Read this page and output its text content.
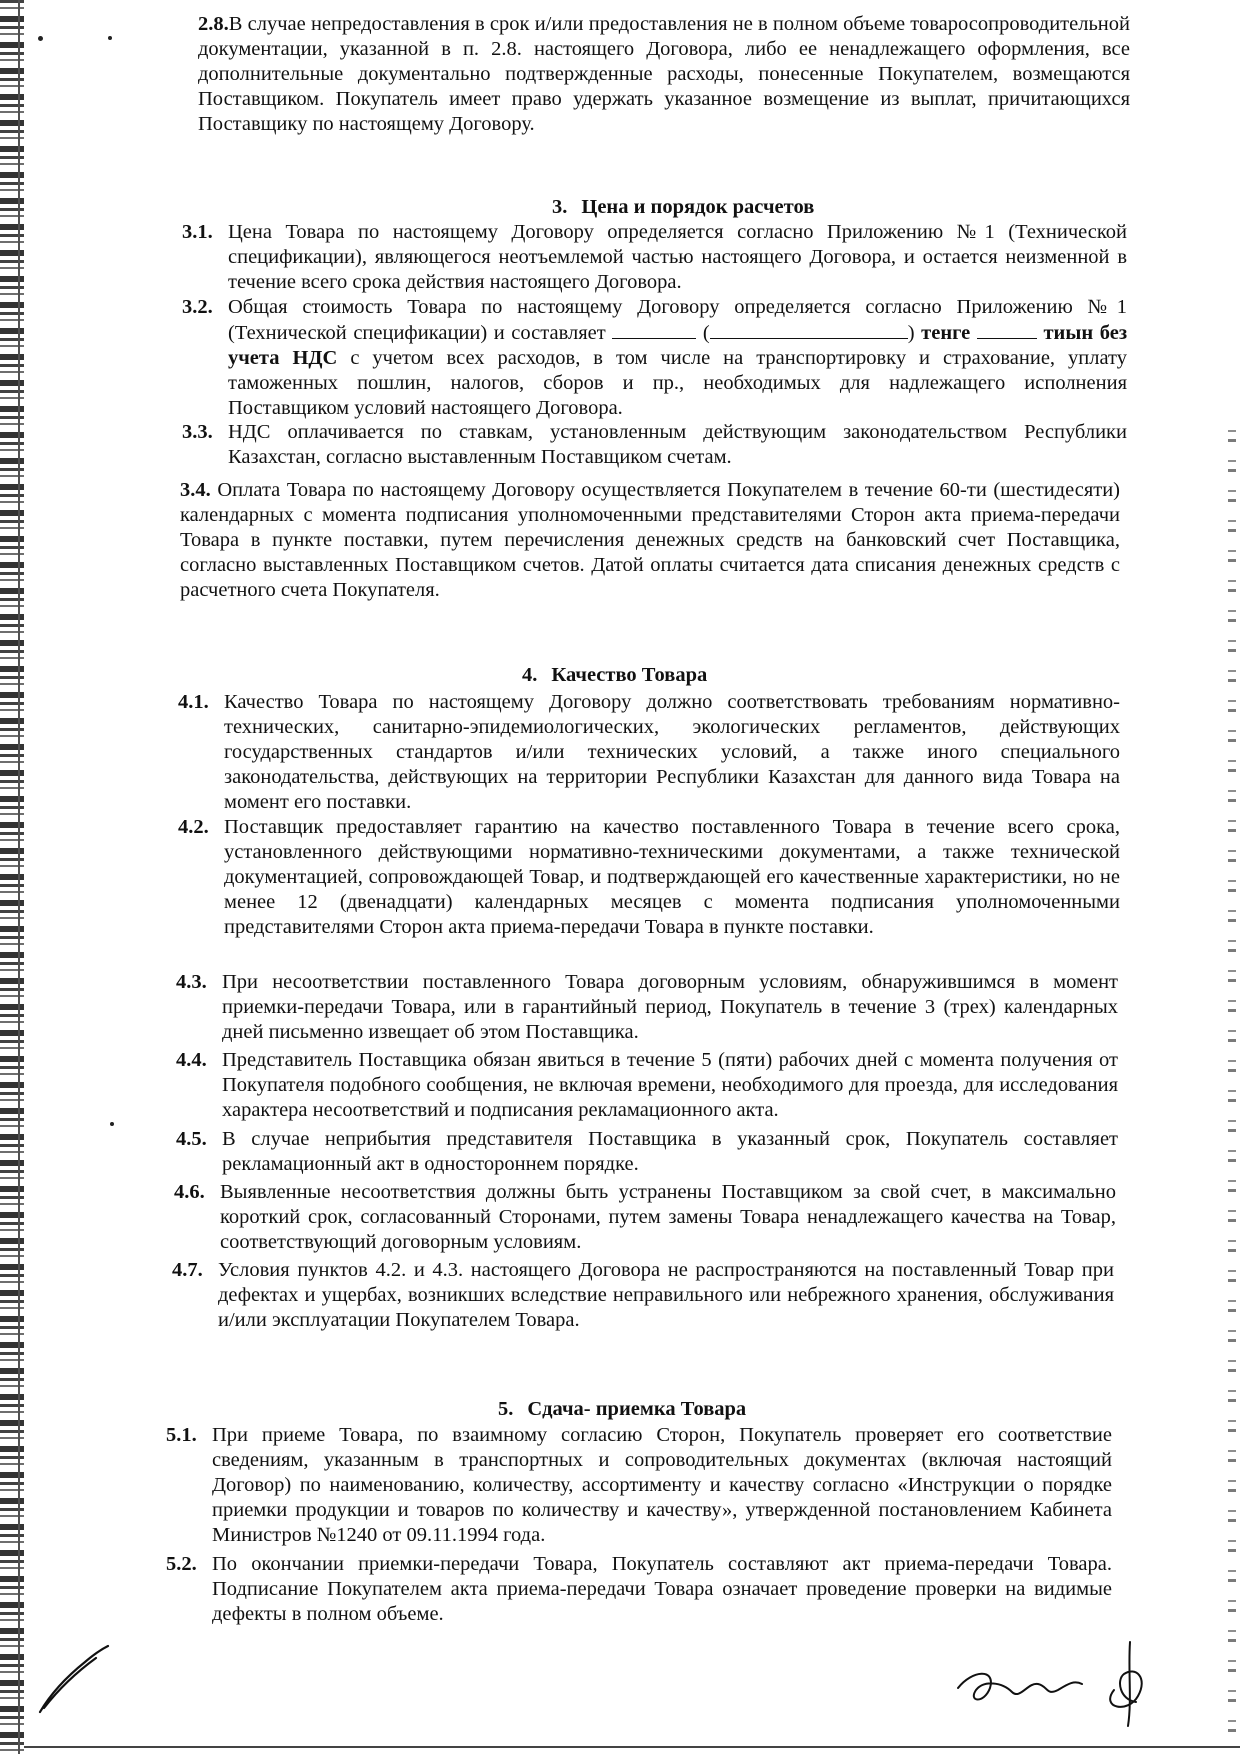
2.8.В случае непредоставления в срок и/или предоставления не в полном объеме товаросопроводительной документации, указанной в п. 2.8. настоящего Договора, либо ее ненадлежащего оформления, все дополнительные документально подтвержденные расходы, понесенные Покупателем, возмещаются Поставщиком. Покупатель имеет право удержать указанное возмещение из выплат, причитающихся Поставщику по настоящему Договору.
3. Цена и порядок расчетов
3.1. Цена Товара по настоящему Договору определяется согласно Приложению №1 (Технической спецификации), являющегося неотъемлемой частью настоящего Договора, и остается неизменной в течение всего срока действия настоящего Договора.
3.2. Общая стоимость Товара по настоящему Договору определяется согласно Приложению №1 (Технической спецификации) и составляет	(	) тенге	тиын без учета НДС с учетом всех расходов, в том числе на транспортировку и страхование, уплату таможенных пошлин, налогов, сборов и пр., необходимых для надлежащего исполнения Поставщиком условий настоящего Договора.
3.3. НДС оплачивается по ставкам, установленным действующим законодательством Республики Казахстан, согласно выставленным Поставщиком счетам.
3.4. Оплата Товара по настоящему Договору осуществляется Покупателем в течение 60-ти (шестидесяти) календарных с момента подписания уполномоченными представителями Сторон акта приема-передачи Товара в пункте поставки, путем перечисления денежных средств на банковский счет Поставщика, согласно выставленных Поставщиком счетов. Датой оплаты считается дата списания денежных средств с расчетного счета Покупателя.
4. Качество Товара
4.1. Качество Товара по настоящему Договору должно соответствовать требованиям нормативно-технических, санитарно-эпидемиологических, экологических регламентов, действующих государственных стандартов и/или технических условий, а также иного специального законодательства, действующих на территории Республики Казахстан для данного вида Товара на момент его поставки.
4.2. Поставщик предоставляет гарантию на качество поставленного Товара в течение всего срока, установленного действующими нормативно-техническими документами, а также технической документацией, сопровождающей Товар, и подтверждающей его качественные характеристики, но не менее 12 (двенадцати) календарных месяцев с момента подписания уполномоченными представителями Сторон акта приема-передачи Товара в пункте поставки.
4.3. При несоответствии поставленного Товара договорным условиям, обнаружившимся в момент приемки-передачи Товара, или в гарантийный период, Покупатель в течение 3 (трех) календарных дней письменно извещает об этом Поставщика.
4.4. Представитель Поставщика обязан явиться в течение 5 (пяти) рабочих дней с момента получения от Покупателя подобного сообщения, не включая времени, необходимого для проезда, для исследования характера несоответствий и подписания рекламационного акта.
4.5. В случае неприбытия представителя Поставщика в указанный срок, Покупатель составляет рекламационный акт в одностороннем порядке.
4.6. Выявленные несоответствия должны быть устранены Поставщиком за свой счет, в максимально короткий срок, согласованный Сторонами, путем замены Товара ненадлежащего качества на Товар, соответствующий договорным условиям.
4.7. Условия пунктов 4.2. и 4.3. настоящего Договора не распространяются на поставленный Товар при дефектах и ущербах, возникших вследствие неправильного или небрежного хранения, обслуживания и/или эксплуатации Покупателем Товара.
5. Сдача- приемка Товара
5.1. При приеме Товара, по взаимному согласию Сторон, Покупатель проверяет его соответствие сведениям, указанным в транспортных и сопроводительных документах (включая настоящий Договор) по наименованию, количеству, ассортименту и качеству согласно «Инструкции о порядке приемки продукции и товаров по количеству и качеству», утвержденной постановлением Кабинета Министров №1240 от 09.11.1994 года.
5.2. По окончании приемки-передачи Товара, Покупатель составляют акт приема-передачи Товара. Подписание Покупателем акта приема-передачи Товара означает проведение проверки на видимые дефекты в полном объеме.
